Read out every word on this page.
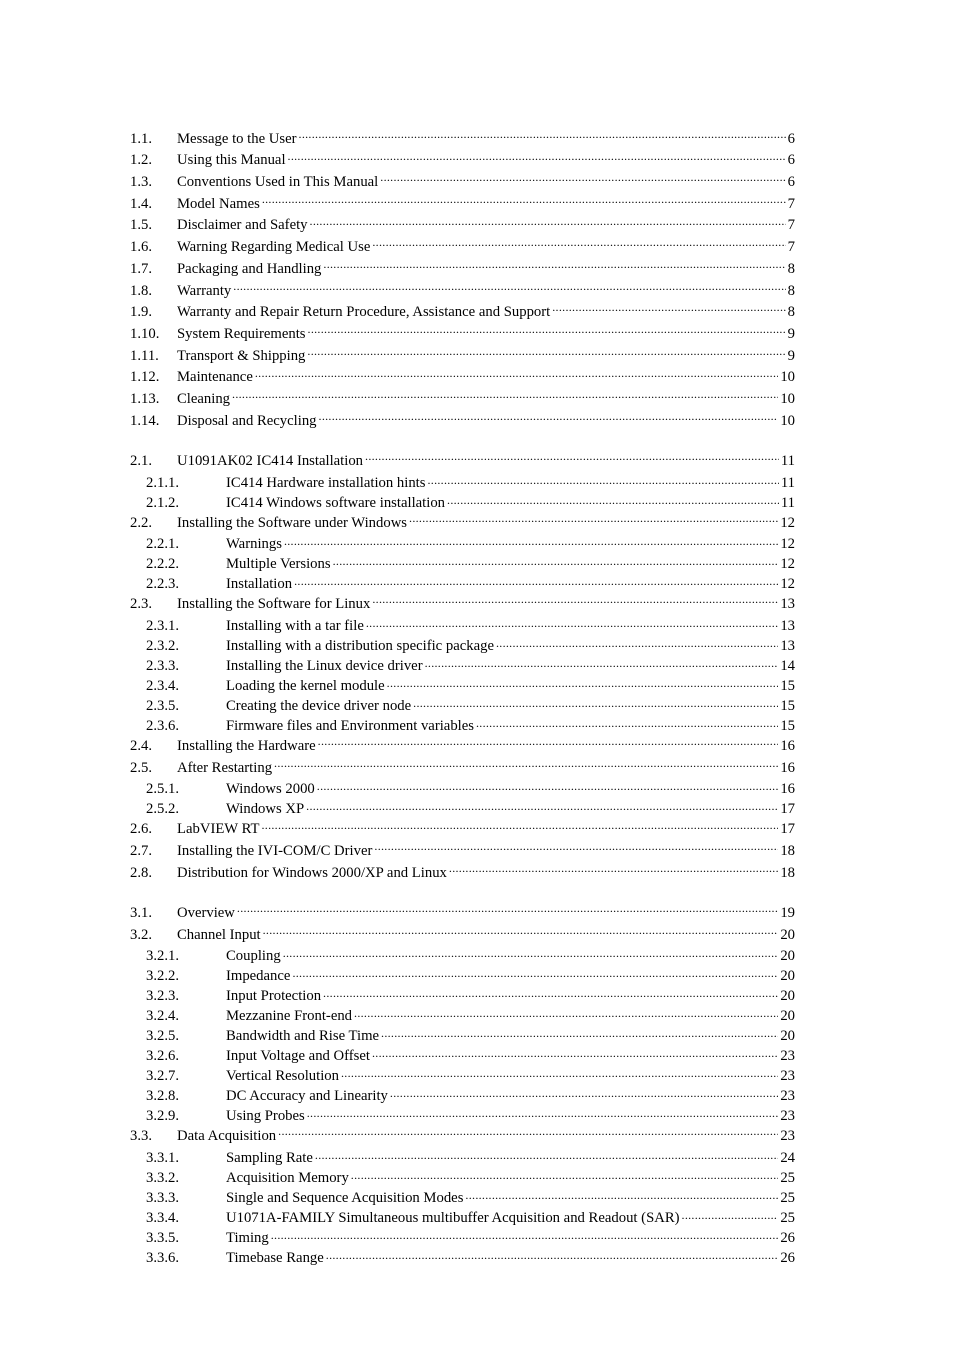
1.1.	Message to the User .....	6
1.2.	Using this Manual .....	6
1.3.	Conventions Used in This Manual .....	6
1.4.	Model Names .....	7
1.5.	Disclaimer and Safety .....	7
1.6.	Warning Regarding Medical Use .....	7
1.7.	Packaging and Handling .....	8
1.8.	Warranty .....	8
1.9.	Warranty and Repair Return Procedure, Assistance and Support .....	8
1.10.	System Requirements .....	9
1.11.	Transport & Shipping .....	9
1.12.	Maintenance .....	10
1.13.	Cleaning .....	10
1.14.	Disposal and Recycling .....	10
2.1.	U1091AK02 IC414 Installation .....	11
2.1.1.	IC414 Hardware installation hints .....	11
2.1.2.	IC414 Windows software installation .....	11
2.2.	Installing the Software under Windows .....	12
2.2.1.	Warnings .....	12
2.2.2.	Multiple Versions .....	12
2.2.3.	Installation .....	12
2.3.	Installing the Software for Linux .....	13
2.3.1.	Installing with a tar file .....	13
2.3.2.	Installing with a distribution specific package .....	13
2.3.3.	Installing the Linux device driver .....	14
2.3.4.	Loading the kernel module .....	15
2.3.5.	Creating the device driver node .....	15
2.3.6.	Firmware files and Environment variables .....	15
2.4.	Installing the Hardware .....	16
2.5.	After Restarting .....	16
2.5.1.	Windows 2000 .....	16
2.5.2.	Windows XP .....	17
2.6.	LabVIEW RT .....	17
2.7.	Installing the IVI-COM/C Driver .....	18
2.8.	Distribution for Windows 2000/XP and Linux .....	18
3.1.	Overview .....	19
3.2.	Channel Input .....	20
3.2.1.	Coupling .....	20
3.2.2.	Impedance .....	20
3.2.3.	Input Protection .....	20
3.2.4.	Mezzanine Front-end .....	20
3.2.5.	Bandwidth and Rise Time .....	20
3.2.6.	Input Voltage and Offset .....	23
3.2.7.	Vertical Resolution .....	23
3.2.8.	DC Accuracy and Linearity .....	23
3.2.9.	Using Probes .....	23
3.3.	Data Acquisition .....	23
3.3.1.	Sampling Rate .....	24
3.3.2.	Acquisition Memory .....	25
3.3.3.	Single and Sequence Acquisition Modes .....	25
3.3.4.	U1071A-FAMILY Simultaneous multibuffer Acquisition and Readout (SAR) .....	25
3.3.5.	Timing .....	26
3.3.6.	Timebase Range .....	26
